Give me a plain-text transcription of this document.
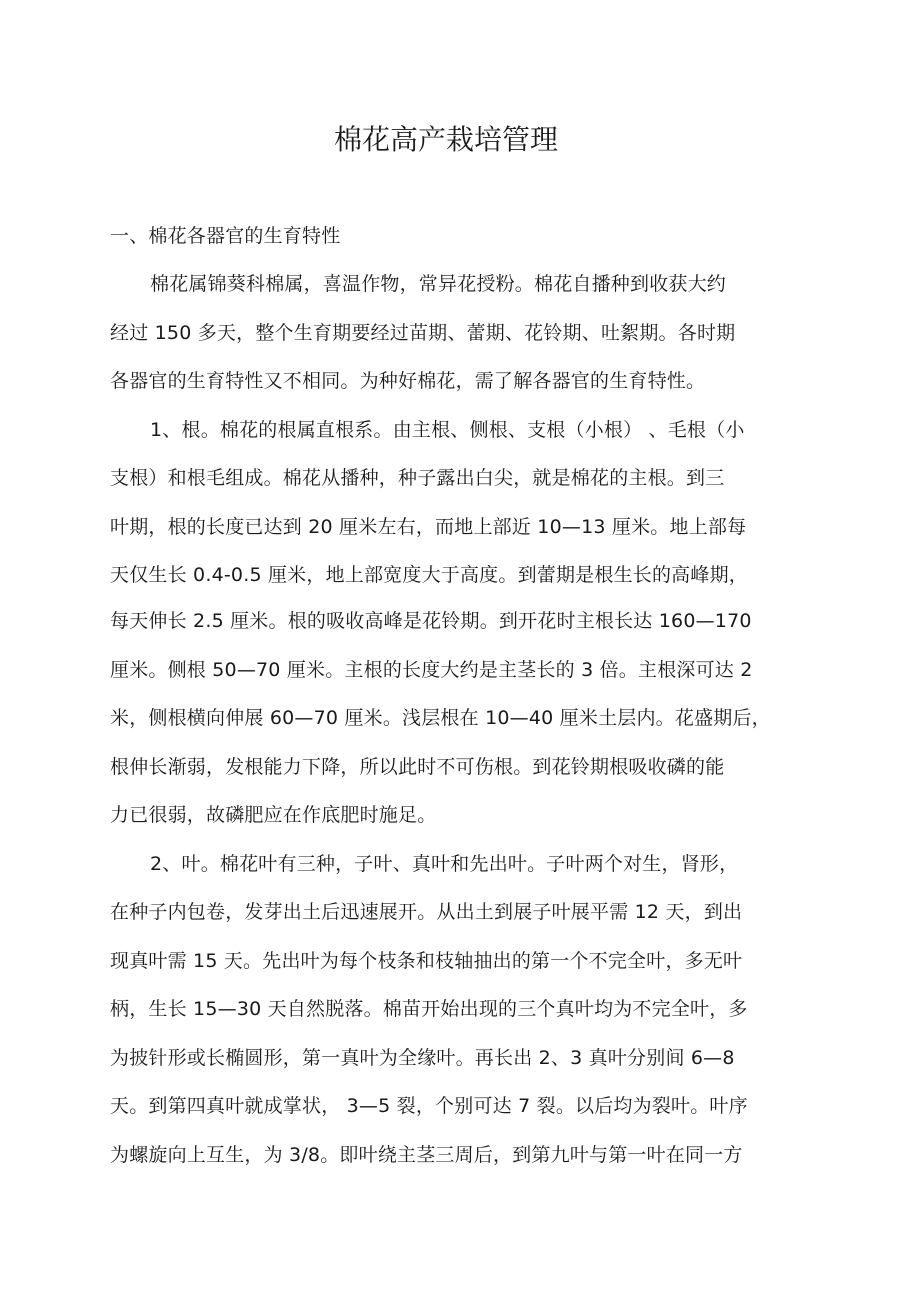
棉花高产栽培管理
一、棉花各器官的生育特性
棉花属锦葵科棉属，喜温作物，常异花授粉。棉花自播种到收获大约
经过 150 多天，整个生育期要经过苗期、蕾期、花铃期、吐絮期。各时期
各器官的生育特性又不相同。为种好棉花，需了解各器官的生育特性。
1、根。棉花的根属直根系。由主根、侧根、支根（小根） 、毛根（小
支根）和根毛组成。棉花从播种，种子露出白尖，就是棉花的主根。到三
叶期，根的长度已达到 20 厘米左右，而地上部近 10—13 厘米。地上部每
天仅生长 0.4-0.5 厘米，地上部宽度大于高度。到蕾期是根生长的高峰期，
每天伸长 2.5 厘米。根的吸收高峰是花铃期。到开花时主根长达 160—170
厘米。侧根 50—70 厘米。主根的长度大约是主茎长的 3 倍。主根深可达 2
米，侧根横向伸展 60—70 厘米。浅层根在 10—40 厘米土层内。花盛期后，
根伸长渐弱，发根能力下降，所以此时不可伤根。到花铃期根吸收磷的能
力已很弱，故磷肥应在作底肥时施足。
2、叶。棉花叶有三种，子叶、真叶和先出叶。子叶两个对生，肾形，
在种子内包卷，发芽出土后迅速展开。从出土到展子叶展平需 12 天，到出
现真叶需 15 天。先出叶为每个枝条和枝轴抽出的第一个不完全叶，多无叶
柄，生长 15—30 天自然脱落。棉苗开始出现的三个真叶均为不完全叶，多
为披针形或长椭圆形，第一真叶为全缘叶。再长出 2、3 真叶分别间 6—8
天。到第四真叶就成掌状， 3—5 裂，个别可达 7 裂。以后均为裂叶。叶序
为螺旋向上互生，为 3/8。即叶绕主茎三周后，到第九叶与第一叶在同一方
